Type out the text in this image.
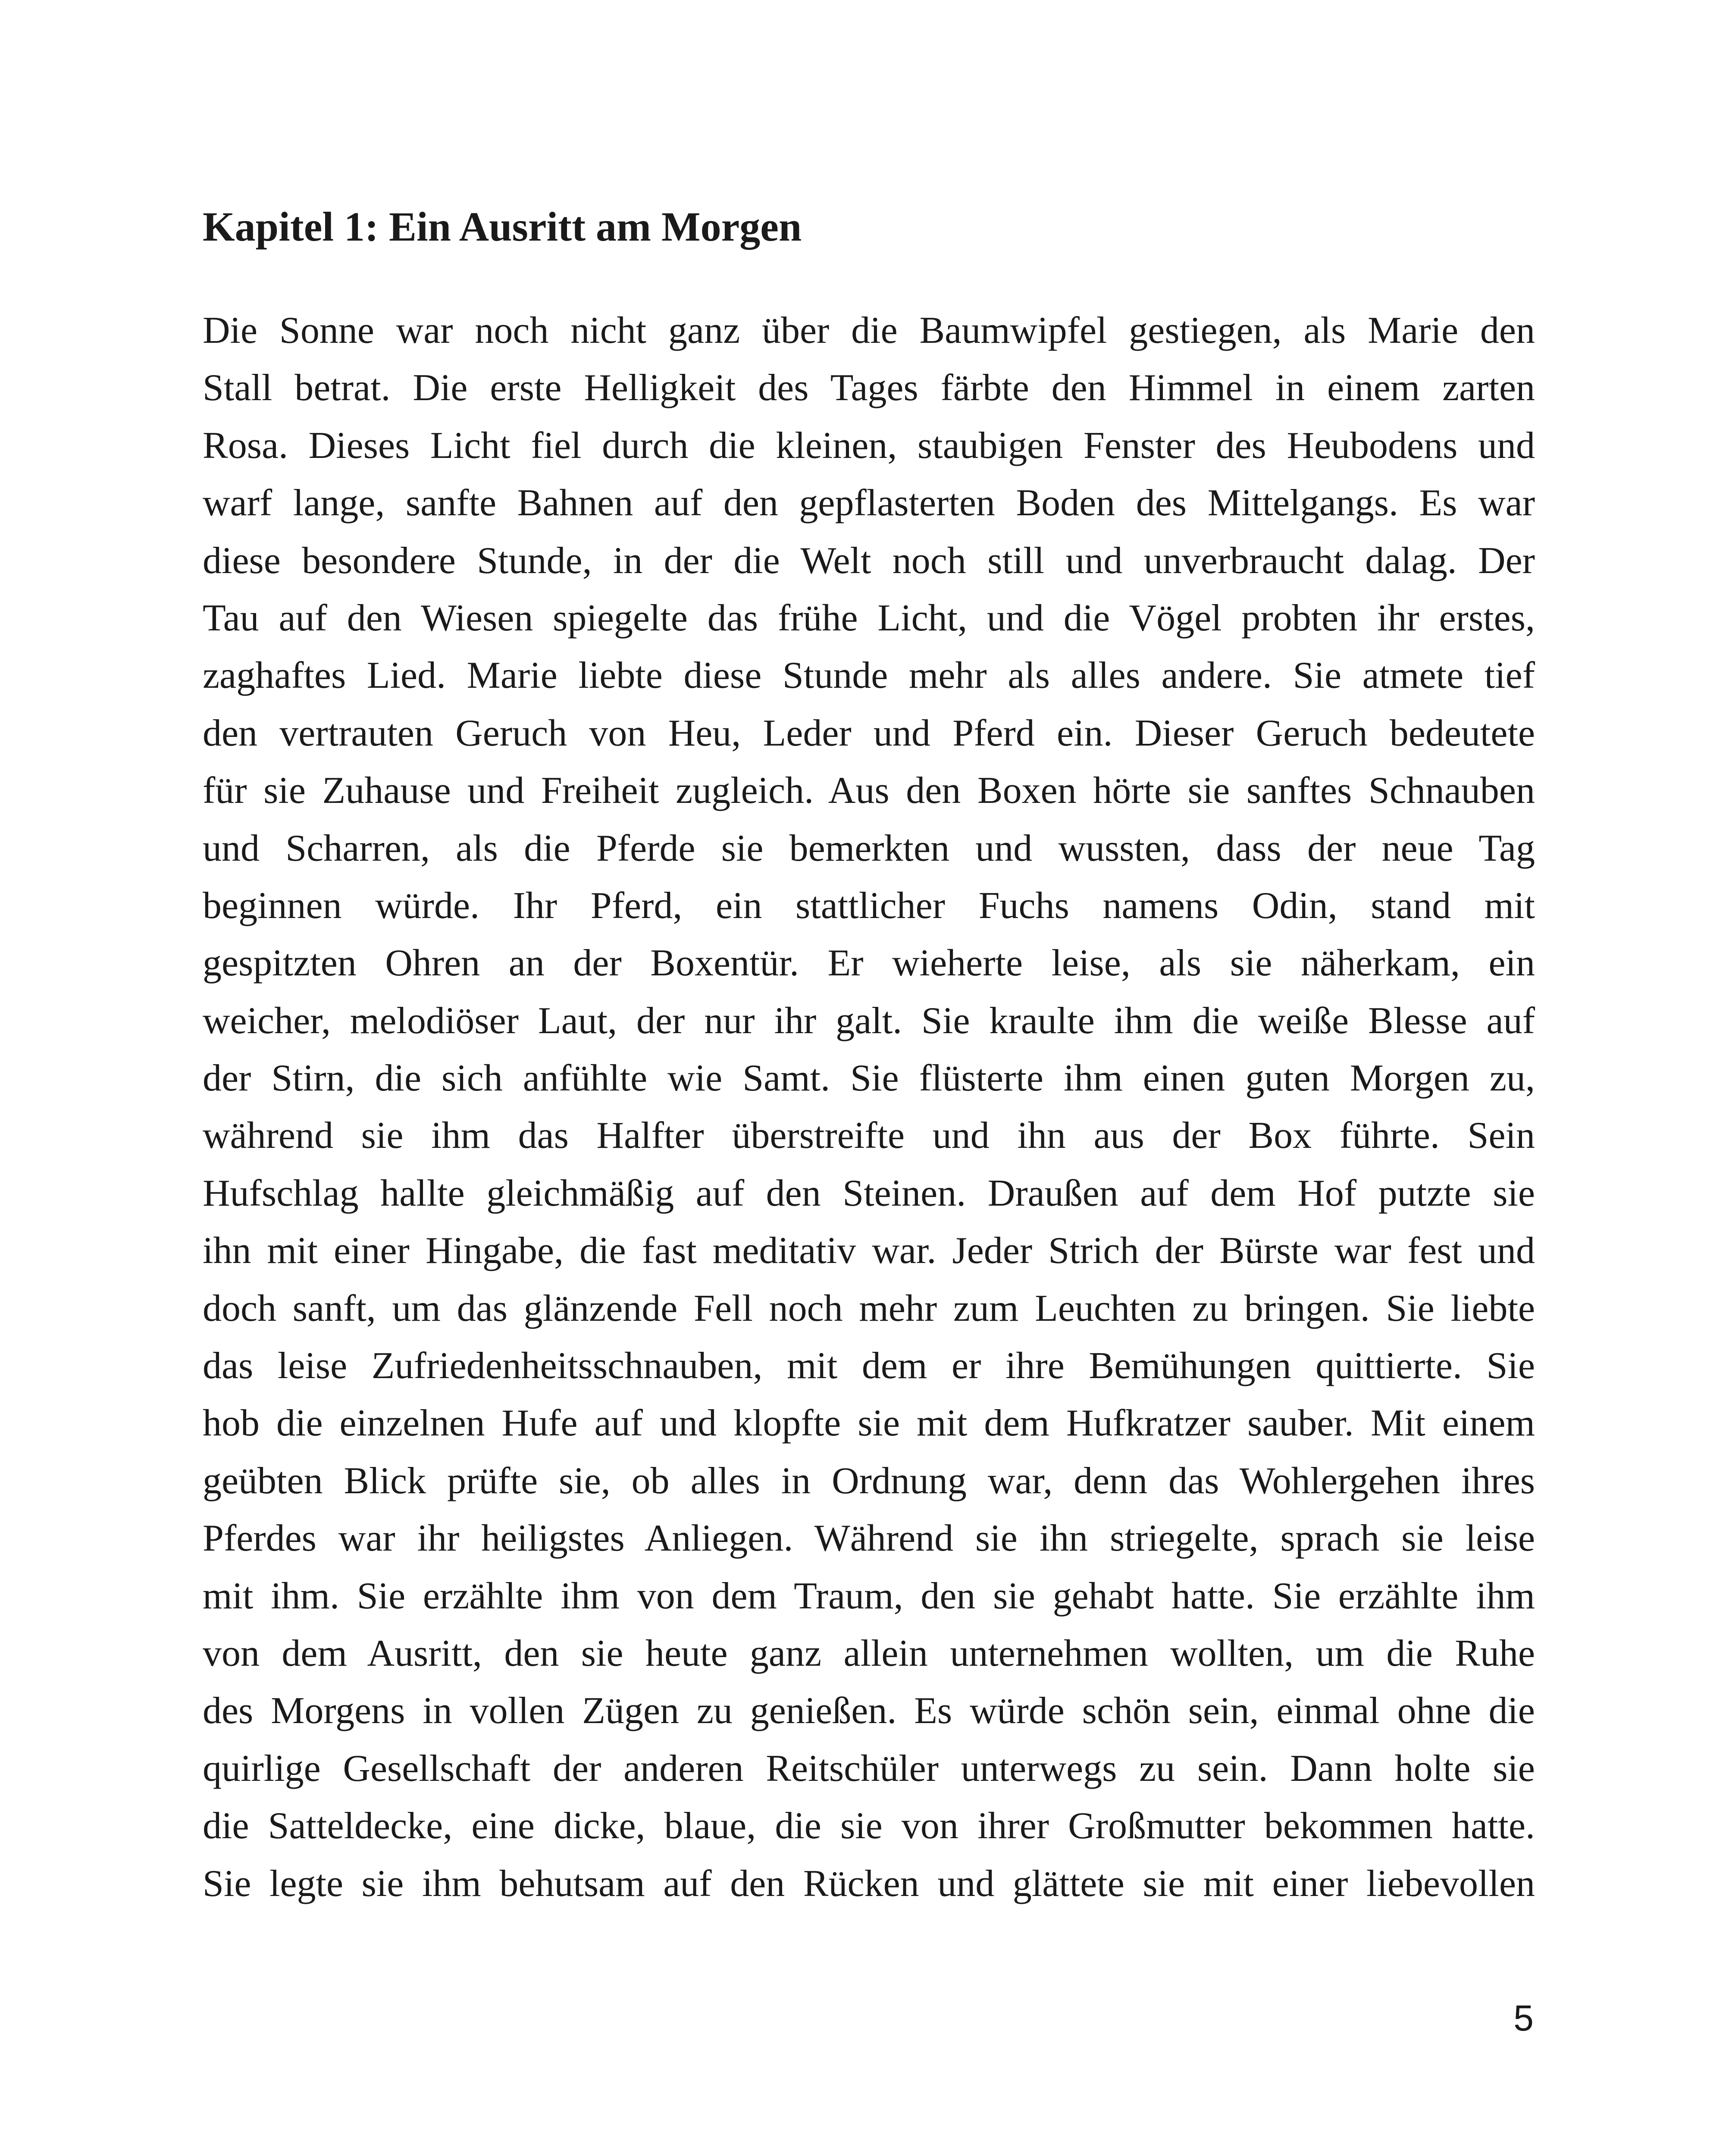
Kapitel 1: Ein Ausritt am Morgen
Die Sonne war noch nicht ganz über die Baumwipfel gestiegen, als Marie den
Stall betrat. Die erste Helligkeit des Tages färbte den Himmel in einem zarten
Rosa. Dieses Licht fiel durch die kleinen, staubigen Fenster des Heubodens und
warf lange, sanfte Bahnen auf den gepflasterten Boden des Mittelgangs. Es war
diese besondere Stunde, in der die Welt noch still und unverbraucht dalag. Der
Tau auf den Wiesen spiegelte das frühe Licht, und die Vögel probten ihr erstes,
zaghaftes Lied. Marie liebte diese Stunde mehr als alles andere. Sie atmete tief
den vertrauten Geruch von Heu, Leder und Pferd ein. Dieser Geruch bedeutete
für sie Zuhause und Freiheit zugleich. Aus den Boxen hörte sie sanftes Schnauben
und Scharren, als die Pferde sie bemerkten und wussten, dass der neue Tag
beginnen würde. Ihr Pferd, ein stattlicher Fuchs namens Odin, stand mit
gespitzten Ohren an der Boxentür. Er wieherte leise, als sie näherkam, ein
weicher, melodiöser Laut, der nur ihr galt. Sie kraulte ihm die weiße Blesse auf
der Stirn, die sich anfühlte wie Samt. Sie flüsterte ihm einen guten Morgen zu,
während sie ihm das Halfter überstreifte und ihn aus der Box führte. Sein
Hufschlag hallte gleichmäßig auf den Steinen. Draußen auf dem Hof putzte sie
ihn mit einer Hingabe, die fast meditativ war. Jeder Strich der Bürste war fest und
doch sanft, um das glänzende Fell noch mehr zum Leuchten zu bringen. Sie liebte
das leise Zufriedenheitsschnauben, mit dem er ihre Bemühungen quittierte. Sie
hob die einzelnen Hufe auf und klopfte sie mit dem Hufkratzer sauber. Mit einem
geübten Blick prüfte sie, ob alles in Ordnung war, denn das Wohlergehen ihres
Pferdes war ihr heiligstes Anliegen. Während sie ihn striegelte, sprach sie leise
mit ihm. Sie erzählte ihm von dem Traum, den sie gehabt hatte. Sie erzählte ihm
von dem Ausritt, den sie heute ganz allein unternehmen wollten, um die Ruhe
des Morgens in vollen Zügen zu genießen. Es würde schön sein, einmal ohne die
quirlige Gesellschaft der anderen Reitschüler unterwegs zu sein. Dann holte sie
die Satteldecke, eine dicke, blaue, die sie von ihrer Großmutter bekommen hatte.
Sie legte sie ihm behutsam auf den Rücken und glättete sie mit einer liebevollen
5
